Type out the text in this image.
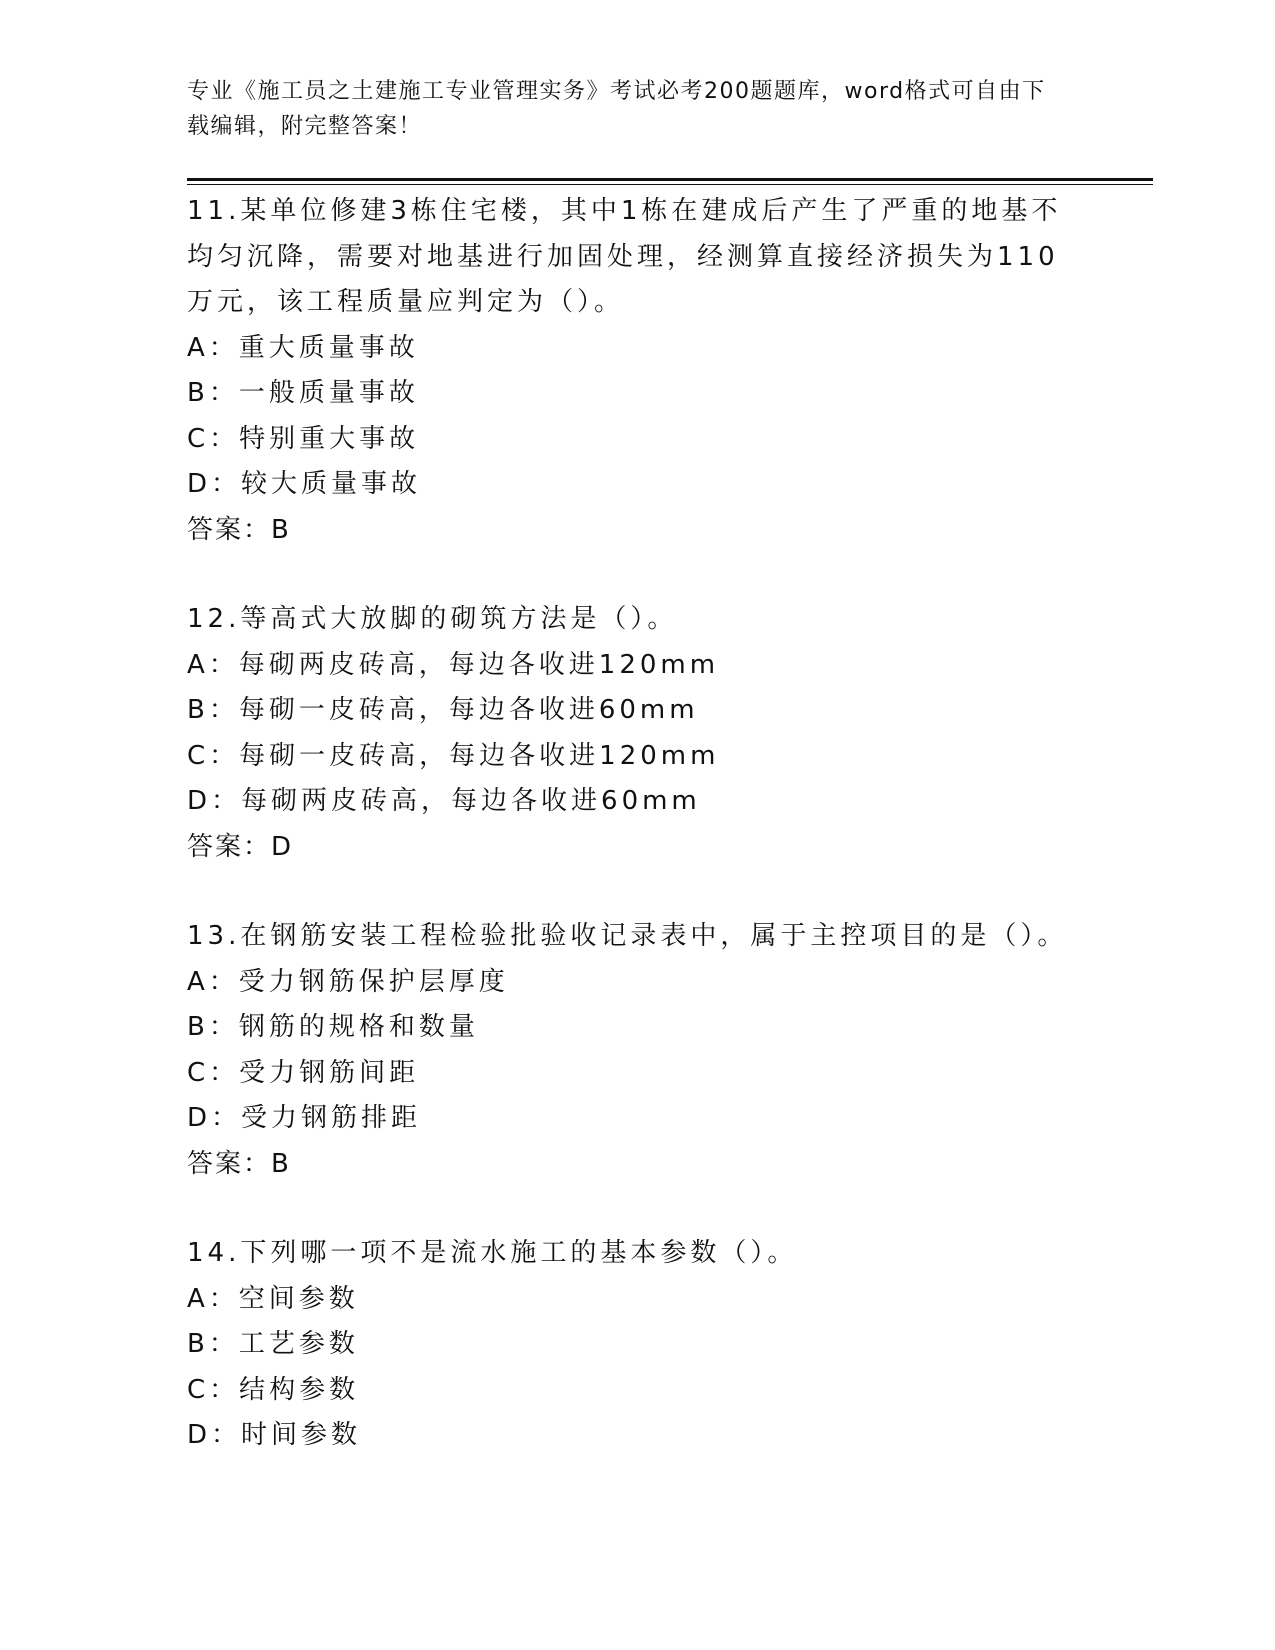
专业《施工员之土建施工专业管理实务》考试必考200题题库，word格式可自由下载编辑，附完整答案！

11.某单位修建3栋住宅楼，其中1栋在建成后产生了严重的地基不均匀沉降，需要对地基进行加固处理，经测算直接经济损失为110万元，该工程质量应判定为（）。

A：重大质量事故

B：一般质量事故

C：特别重大事故

D：较大质量事故

答案：B

12.等高式大放脚的砌筑方法是（）。

A：每砌两皮砖高，每边各收进120mm

B：每砌一皮砖高，每边各收进60mm

C：每砌一皮砖高，每边各收进120mm

D：每砌两皮砖高，每边各收进60mm

答案：D

13.在钢筋安装工程检验批验收记录表中，属于主控项目的是（）。

A：受力钢筋保护层厚度

B：钢筋的规格和数量

C：受力钢筋间距

D：受力钢筋排距

答案：B

14.下列哪一项不是流水施工的基本参数（）。

A：空间参数

B：工艺参数

C：结构参数

D：时间参数
